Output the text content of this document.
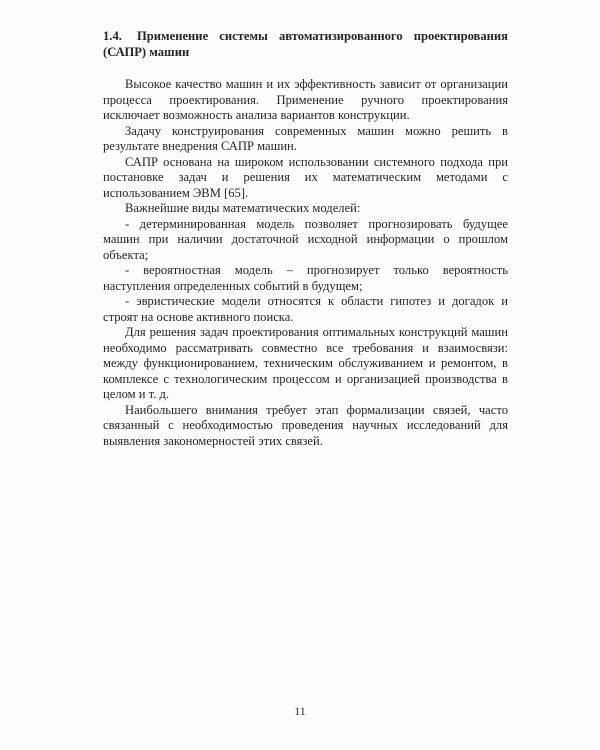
1.4. Применение системы автоматизированного проектирования (САПР) машин

Высокое качество машин и их эффективность зависит от организации процесса проектирования. Применение ручного проектирования исключает возможность анализа вариантов конструкции.

Задачу конструирования современных машин можно решить в результате внедрения САПР машин.

САПР основана на широком использовании системного подхода при постановке задач и решения их математическим методами с использованием ЭВМ [65].

Важнейшие виды математических моделей:

- детерминированная модель позволяет прогнозировать будущее машин при наличии достаточной исходной информации о прошлом объекта;

- вероятностная модель – прогнозирует только вероятность наступления определенных событий в будущем;

- эвристические модели относятся к области гипотез и догадок и строят на основе активного поиска.

Для решения задач проектирования оптимальных конструкций машин необходимо рассматривать совместно все требования и взаимосвязи: между функционированием, техническим обслуживанием и ремонтом, в комплексе с технологическим процессом и организацией производства в целом и т. д.

Наибольшего внимания требует этап формализации связей, часто связанный с необходимостью проведения научных исследований для выявления закономерностей этих связей.

11
